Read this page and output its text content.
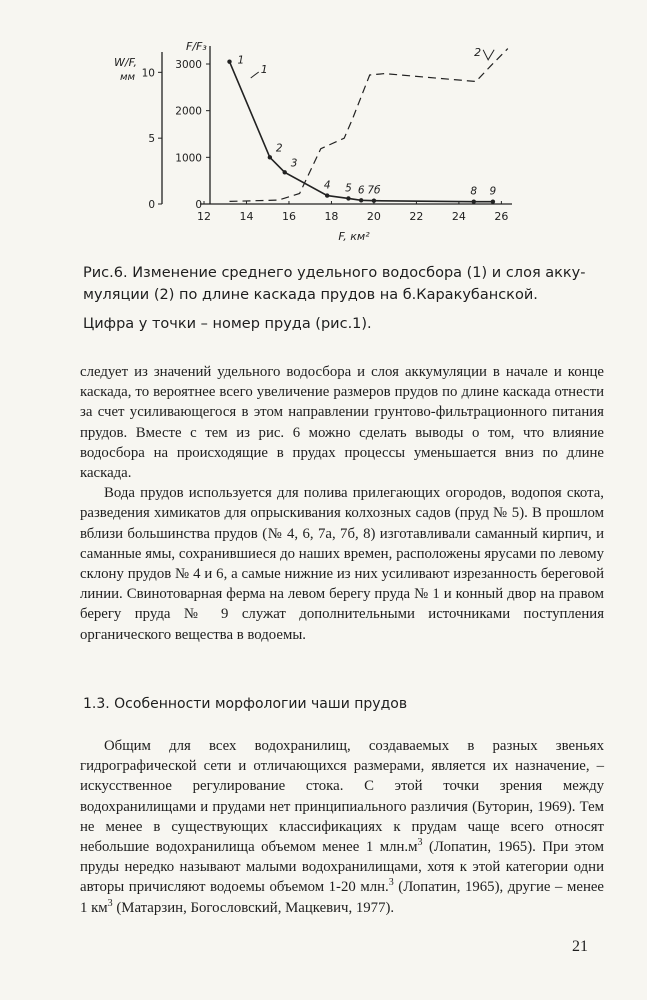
12	14	16	18	20	22	24	26
F, км²
0
1000
2000
3000
F/F₃
0
5
10
W/F,
мм
1
2
3
4 5 6 7б	8 9
1
2
Рис.6. Изменение среднего удельного водосбора (1) и слоя акку-
муляции (2) по длине каскада прудов на б.Каракубанской.
Цифра у точки – номер пруда (рис.1).

следует из значений удельного водосбора и слоя аккумуляции в начале и конце каскада, то вероятнее всего увеличение размеров прудов по длине каскада отнести за счет усиливающегося в этом направлении грунтово-фильтрационного питания прудов. Вместе с тем из рис. 6 можно сделать выводы о том, что влияние водосбора на происходящие в прудах процессы уменьшается вниз по длине каскада.

Вода прудов используется для полива прилегающих огородов, водопоя скота, разведения химикатов для опрыскивания колхозных садов (пруд № 5). В прошлом вблизи большинства прудов (№ 4, 6, 7а, 7б, 8) изготавливали саманный кирпич, и саманные ямы, сохранившиеся до наших времен, расположены ярусами по левому склону прудов № 4 и 6, а самые нижние из них усиливают изрезанность береговой линии. Свинотоварная ферма на левом берегу пруда № 1 и конный двор на правом берегу пруда № 9 служат дополнительными источниками поступления органического вещества в водоемы.

1.3. Особенности морфологии чаши прудов

Общим для всех водохранилищ, создаваемых в разных звеньях гидрографической сети и отличающихся размерами, является их назначение, – искусственное регулирование стока. С этой точки зрения между водохранилищами и прудами нет принципиального различия (Буторин, 1969). Тем не менее в существующих классификациях к прудам чаще всего относят небольшие водохранилища объемом менее 1 $млн.м^3$ (Лопатин, 1965). При этом пруды нередко называют малыми водохранилищами, хотя к этой категории одни авторы причисляют водоемы объемом 1-20 млн.$^3$ (Лопатин, 1965), другие – менее 1 $км^3$ (Матарзин, Богословский, Мацкевич, 1977).

21
